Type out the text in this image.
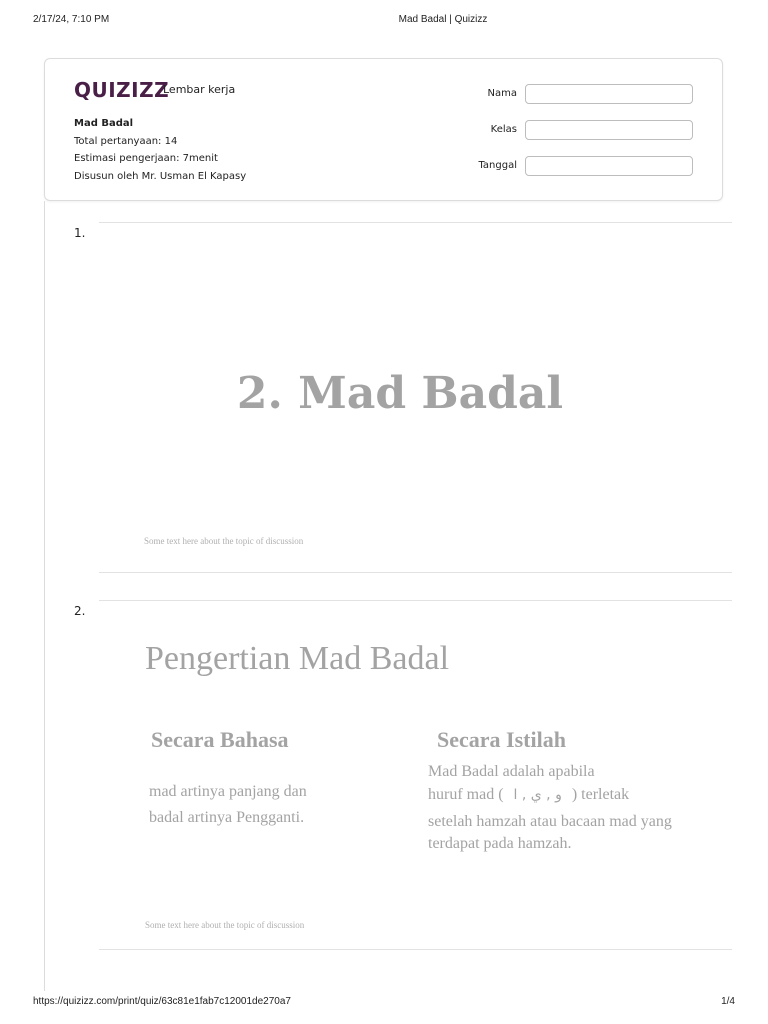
2/17/24, 7:10 PM	Mad Badal | Quizizz
QUIZIZZ
Lembar kerja
Mad Badal
Total pertanyaan: 14
Estimasi pengerjaan: 7menit
Disusun oleh Mr. Usman El Kapasy
Nama
Kelas
Tanggal
1.
2. Mad Badal
Some text here about the topic of discussion
2.
Pengertian Mad Badal
Secara Bahasa
mad artinya panjang dan
badal artinya Pengganti.
Secara Istilah
Mad Badal adalah apabila
huruf mad ( و , ي , ا ) terletak
setelah hamzah atau bacaan mad yang
terdapat pada hamzah.
Some text here about the topic of discussion
https://quizizz.com/print/quiz/63c81e1fab7c12001de270a7	1/4
